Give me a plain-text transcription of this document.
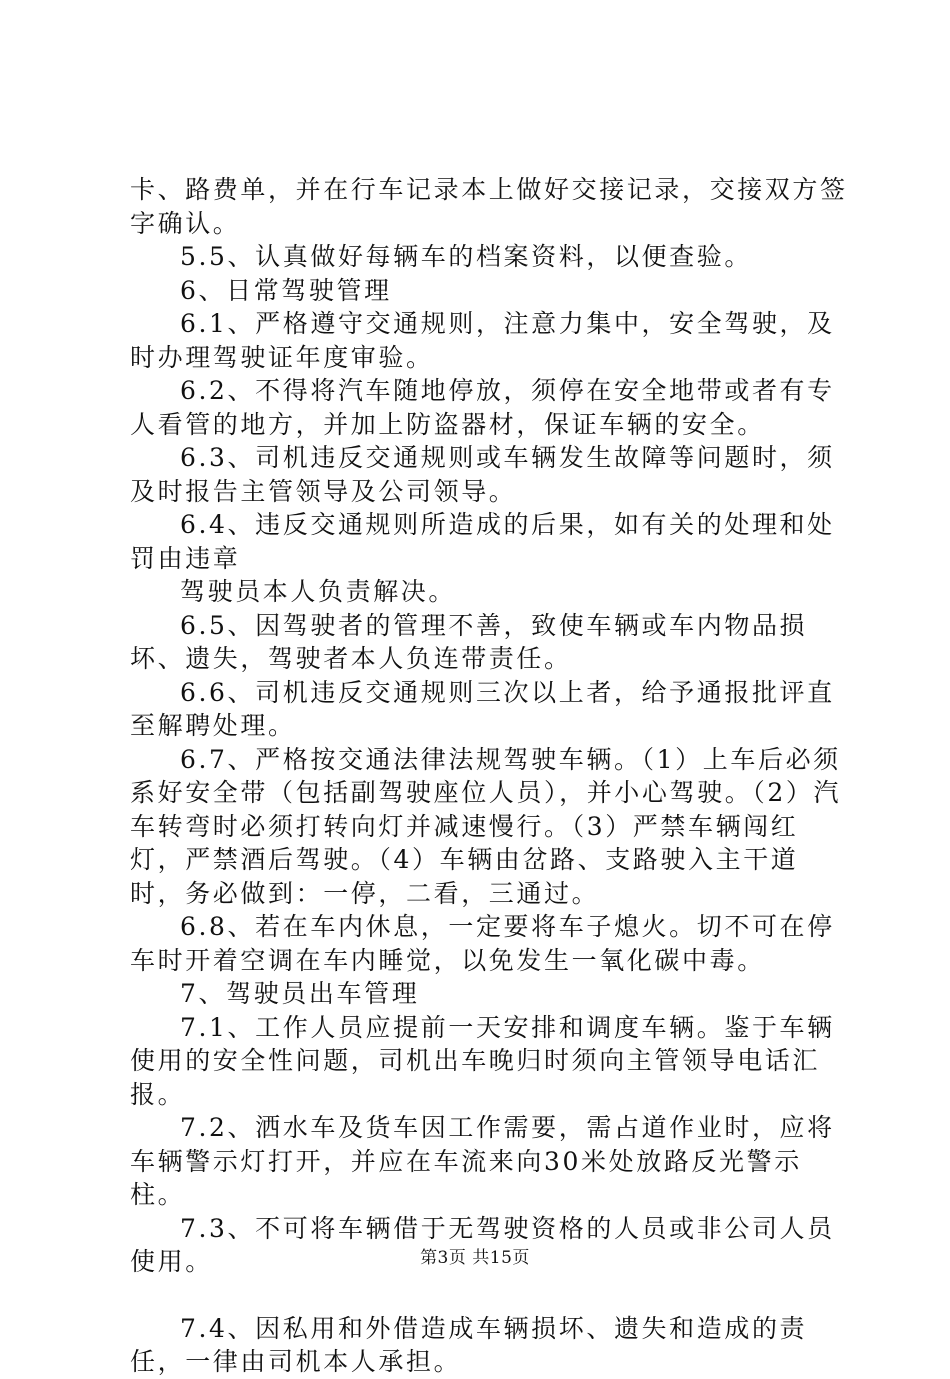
卡、路费单，并在行车记录本上做好交接记录，交接双方签字确认。

5.5、认真做好每辆车的档案资料，以便查验。

6、日常驾驶管理

6.1、严格遵守交通规则，注意力集中，安全驾驶，及时办理驾驶证年度审验。

6.2、不得将汽车随地停放，须停在安全地带或者有专人看管的地方，并加上防盗器材，保证车辆的安全。

6.3、司机违反交通规则或车辆发生故障等问题时，须及时报告主管领导及公司领导。

6.4、违反交通规则所造成的后果，如有关的处理和处罚由违章

驾驶员本人负责解决。

6.5、因驾驶者的管理不善，致使车辆或车内物品损坏、遗失，驾驶者本人负连带责任。

6.6、司机违反交通规则三次以上者，给予通报批评直至解聘处理。

6.7、严格按交通法律法规驾驶车辆。（1）上车后必须系好安全带（包括副驾驶座位人员），并小心驾驶。（2）汽车转弯时必须打转向灯并减速慢行。（3）严禁车辆闯红灯，严禁酒后驾驶。（4）车辆由岔路、支路驶入主干道时，务必做到：一停，二看，三通过。

6.8、若在车内休息，一定要将车子熄火。切不可在停车时开着空调在车内睡觉，以免发生一氧化碳中毒。

7、驾驶员出车管理

7.1、工作人员应提前一天安排和调度车辆。鉴于车辆使用的安全性问题，司机出车晚归时须向主管领导电话汇报。

7.2、洒水车及货车因工作需要，需占道作业时，应将车辆警示灯打开，并应在车流来向30米处放路反光警示柱。

7.3、不可将车辆借于无驾驶资格的人员或非公司人员使用。

7.4、因私用和外借造成车辆损坏、遗失和造成的责任，一律由司机本人承担。

第3页 共15页
